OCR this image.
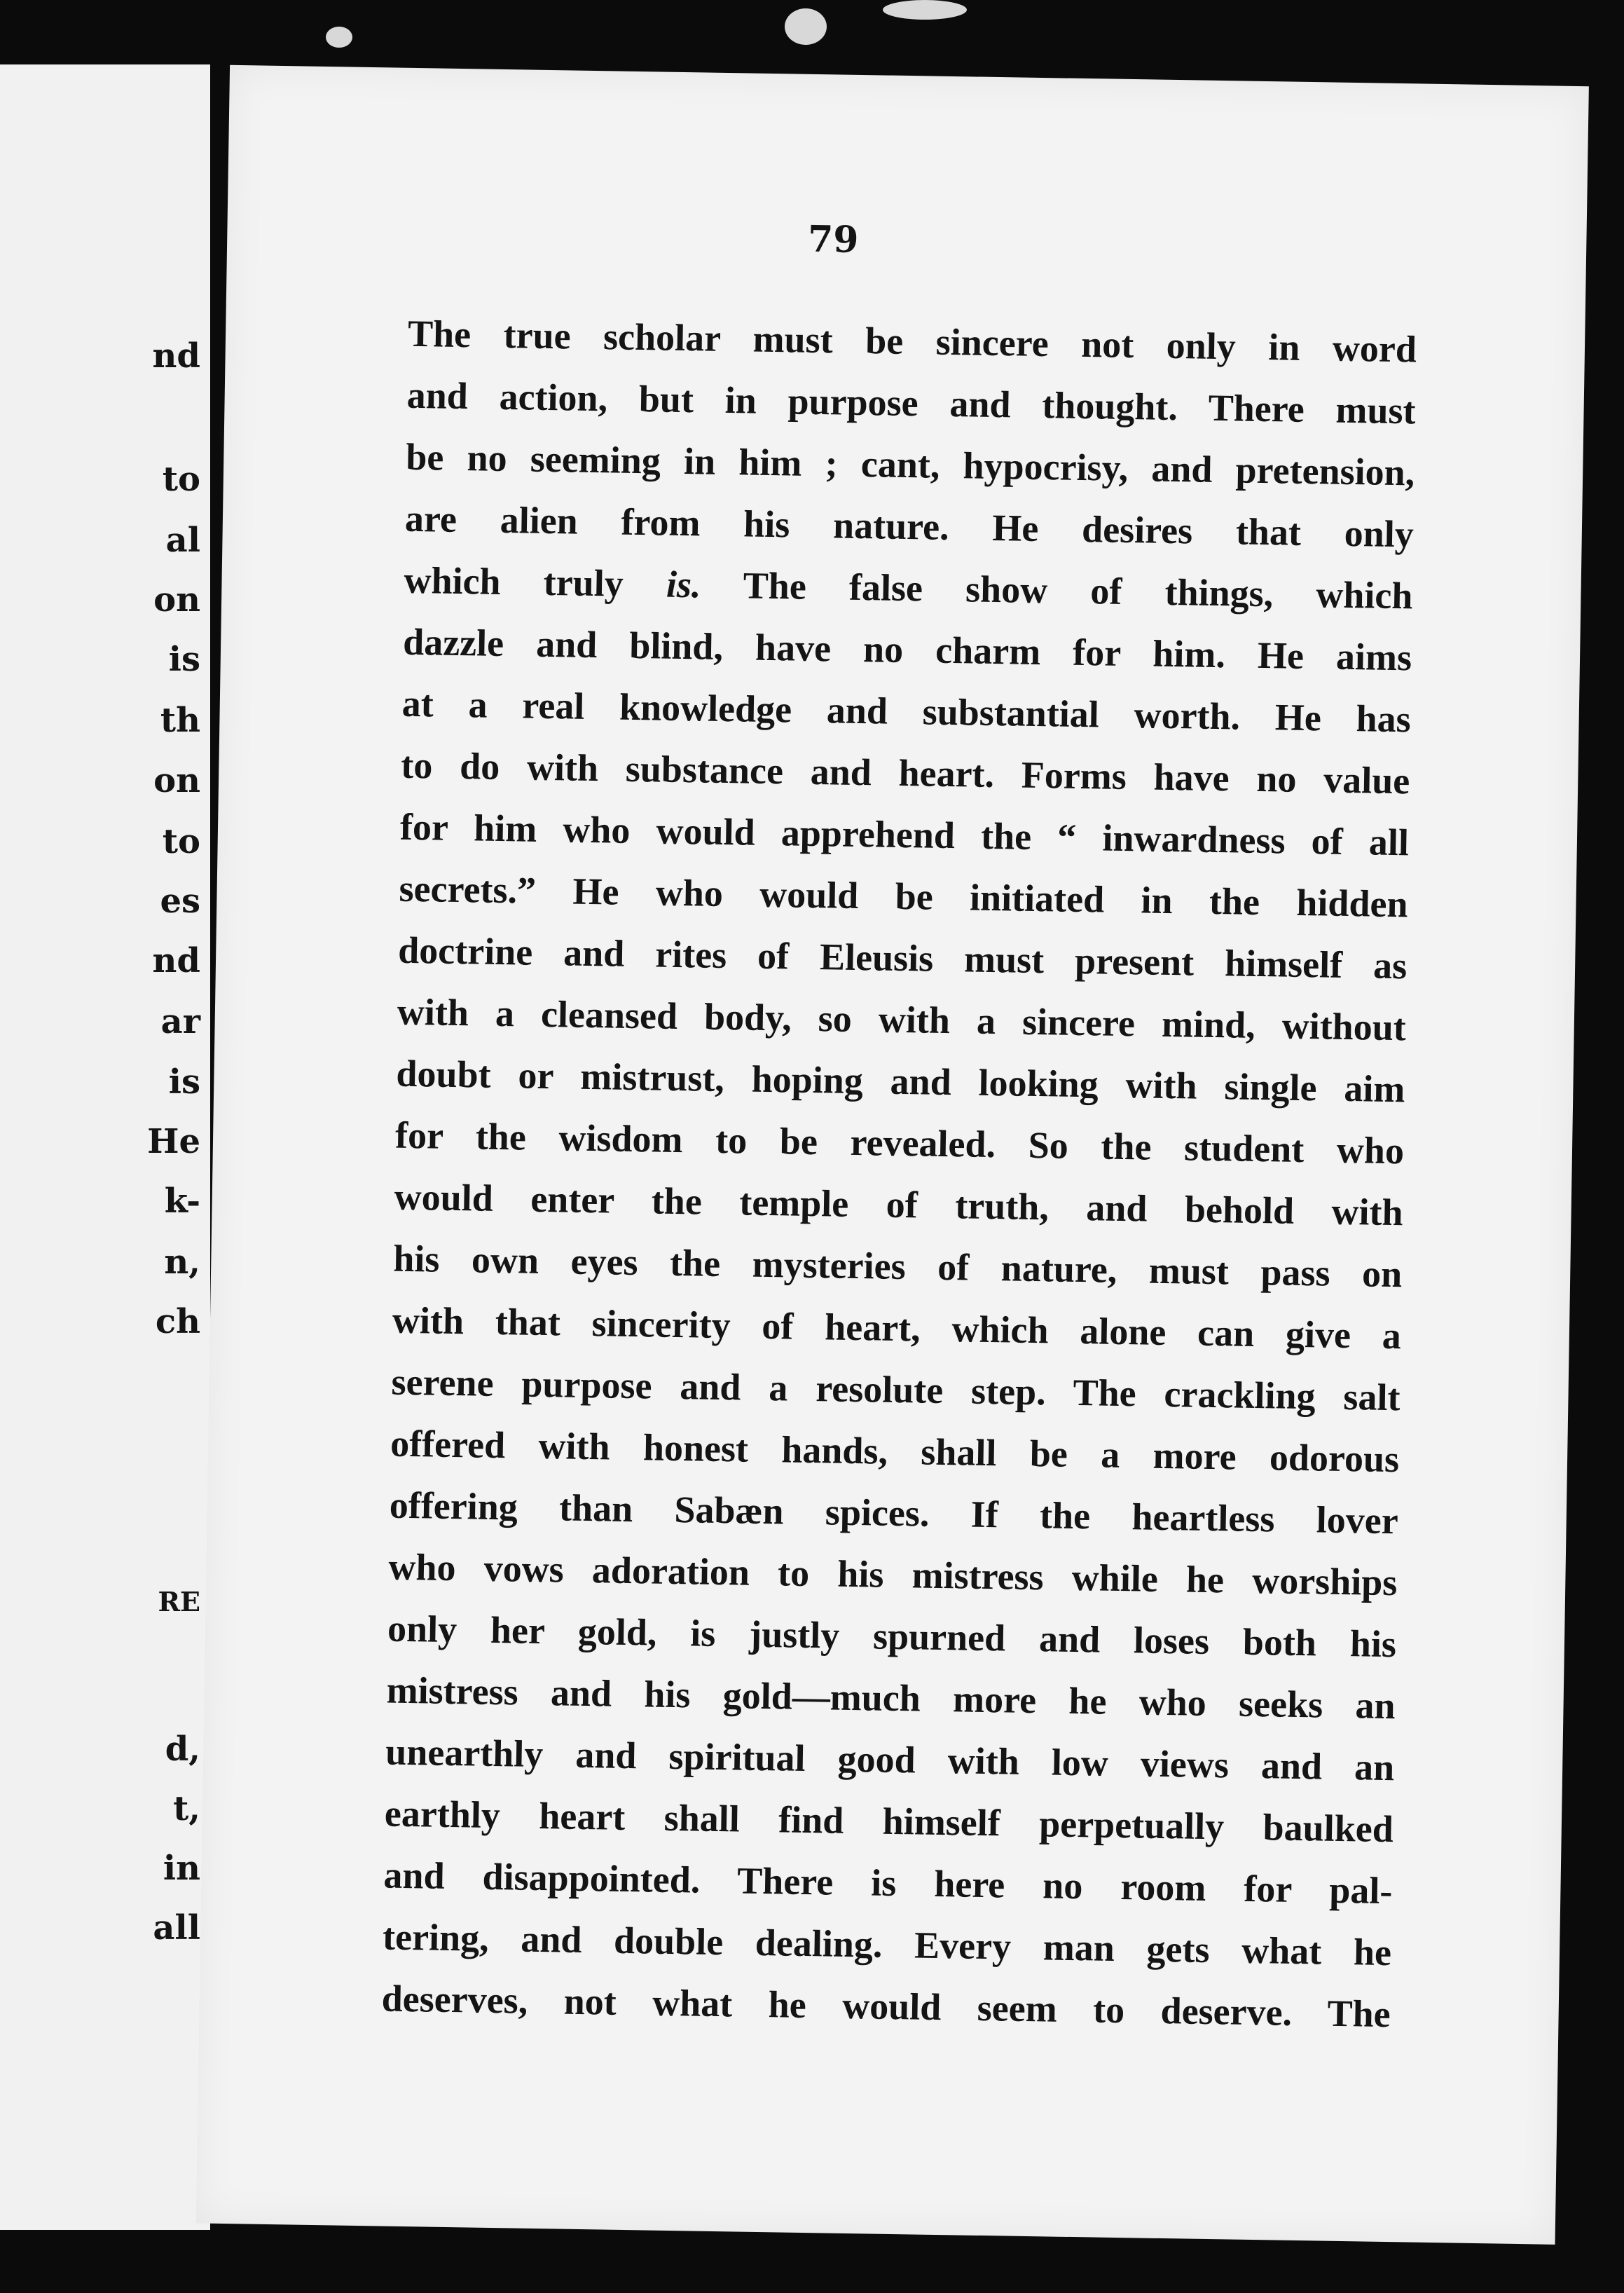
nd
to
al
on
is
th
on
to
es
nd
ar
is
He
k-
n,
ch
RE
d,
t,
in
all
79
The true scholar must be sincere not only in word
and action, but in purpose and thought. There must
be no seeming in him ; cant, hypocrisy, and pretension,
are alien from his nature. He desires that only
which truly is. The false show of things, which
dazzle and blind, have no charm for him. He aims
at a real knowledge and substantial worth. He has
to do with substance and heart. Forms have no value
for him who would apprehend the “ inwardness of all
secrets.” He who would be initiated in the hidden
doctrine and rites of Eleusis must present himself as
with a cleansed body, so with a sincere mind, without
doubt or mistrust, hoping and looking with single aim
for the wisdom to be revealed. So the student who
would enter the temple of truth, and behold with
his own eyes the mysteries of nature, must pass on
with that sincerity of heart, which alone can give a
serene purpose and a resolute step. The crackling salt
offered with honest hands, shall be a more odorous
offering than Sabæn spices. If the heartless lover
who vows adoration to his mistress while he worships
only her gold, is justly spurned and loses both his
mistress and his gold—much more he who seeks an
unearthly and spiritual good with low views and an
earthly heart shall find himself perpetually baulked
and disappointed. There is here no room for pal-
tering, and double dealing. Every man gets what he
deserves, not what he would seem to deserve. The
